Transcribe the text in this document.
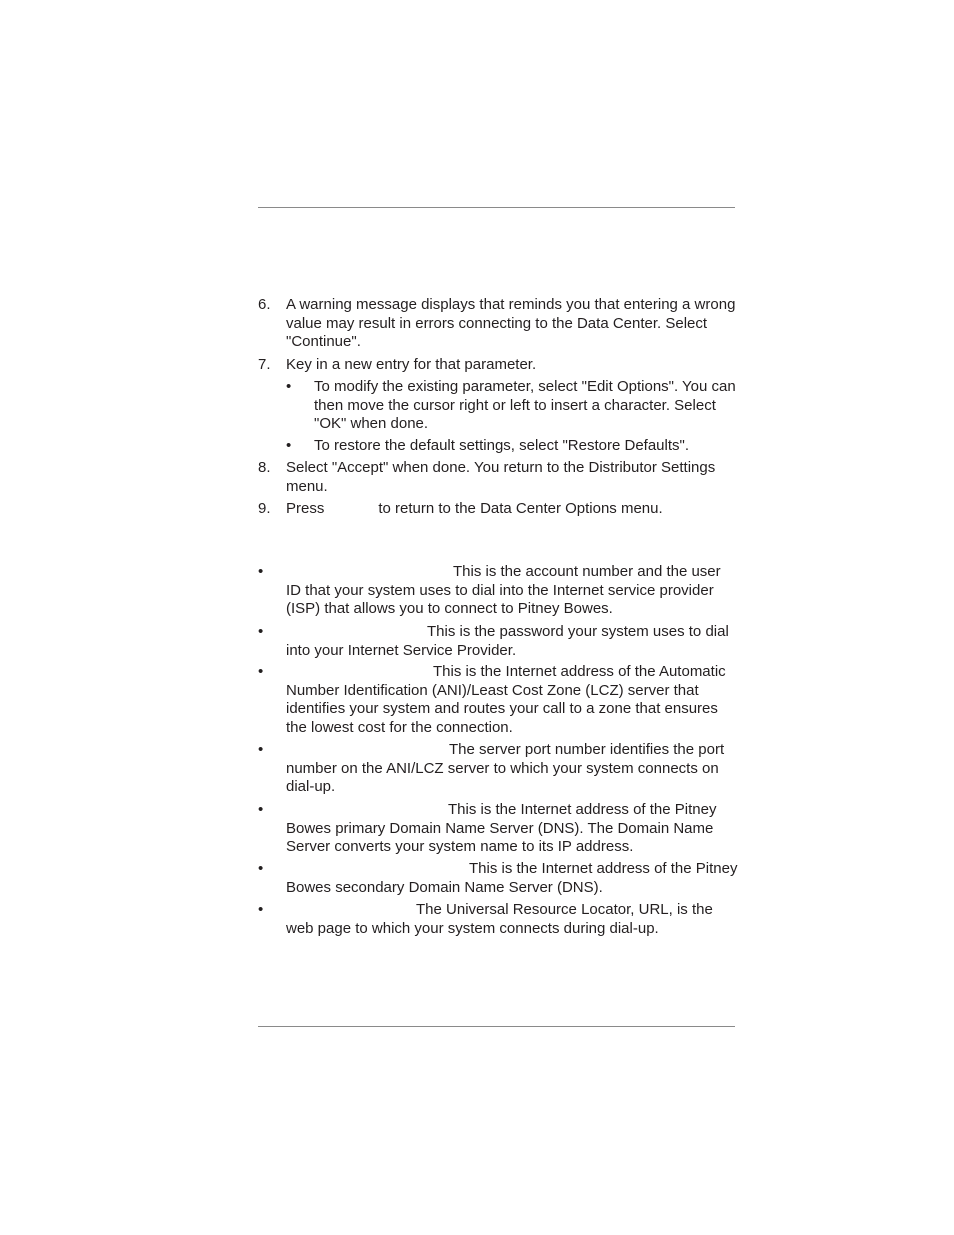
6. A warning message displays that reminds you that entering a wrong value may result in errors connecting to the Data Center. Select "Continue".
7. Key in a new entry for that parameter.
• To modify the existing parameter, select "Edit Options". You can then move the cursor right or left to insert a character. Select "OK" when done.
• To restore the default settings, select "Restore Defaults".
8. Select "Accept" when done. You return to the Distributor Settings menu.
9. Press	to return to the Data Center Options menu.
•	This is the account number and the user ID that your system uses to dial into the Internet service provider (ISP) that allows you to connect to Pitney Bowes.
•	This is the password your system uses to dial into your Internet Service Provider.
•	This is the Internet address of the Automatic Number Identification (ANI)/Least Cost Zone (LCZ) server that identifies your system and routes your call to a zone that ensures the lowest cost for the connection.
•	The server port number identifies the port number on the ANI/LCZ server to which your system connects on dial-up.
•	This is the Internet address of the Pitney Bowes primary Domain Name Server (DNS). The Domain Name Server converts your system name to its IP address.
•	This is the Internet address of the Pitney Bowes secondary Domain Name Server (DNS).
•	The Universal Resource Locator, URL, is the web page to which your system connects during dial-up.
